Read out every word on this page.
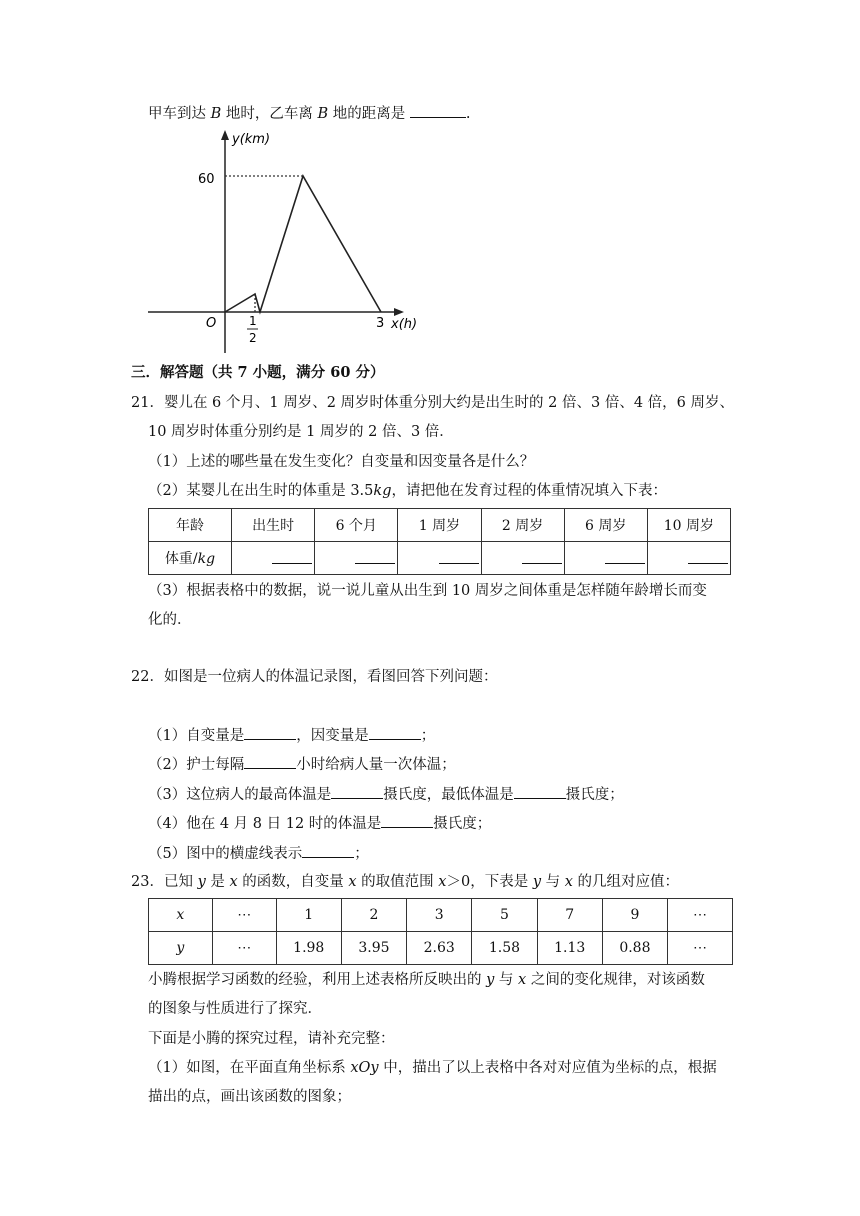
甲车到达 B 地时，乙车离 B 地的距离是	.
y(km)
x(h)
O
60
1
2
3
三．解答题（共 7 小题，满分 60 分）
21．婴儿在 6 个月、1 周岁、2 周岁时体重分别大约是出生时的 2 倍、3 倍、4 倍，6 周岁、
10 周岁时体重分别约是 1 周岁的 2 倍、3 倍．
（1）上述的哪些量在发生变化？自变量和因变量各是什么？
（2）某婴儿在出生时的体重是 3.5kg，请把他在发育过程的体重情况填入下表：
年龄	出生时	6 个月	1 周岁	2 周岁	6 周岁	10 周岁
体重/kg						
（3）根据表格中的数据，说一说儿童从出生到 10 周岁之间体重是怎样随年龄增长而变
化的．
22．如图是一位病人的体温记录图，看图回答下列问题：
（1）自变量是	，因变量是	；
（2）护士每隔	小时给病人量一次体温；
（3）这位病人的最高体温是	摄氏度，最低体温是	摄氏度；
（4）他在 4 月 8 日 12 时的体温是	摄氏度；
（5）图中的横虚线表示	；
23．已知 y 是 x 的函数，自变量 x 的取值范围 x＞0，下表是 y 与 x 的几组对应值：
x	⋯	1	2	3	5	7	9	⋯
y	⋯	1.98	3.95	2.63	1.58	1.13	0.88	⋯
小腾根据学习函数的经验，利用上述表格所反映出的 y 与 x 之间的变化规律，对该函数
的图象与性质进行了探究．
下面是小腾的探究过程，请补充完整：
（1）如图，在平面直角坐标系 xOy 中，描出了以上表格中各对对应值为坐标的点，根据
描出的点，画出该函数的图象；
